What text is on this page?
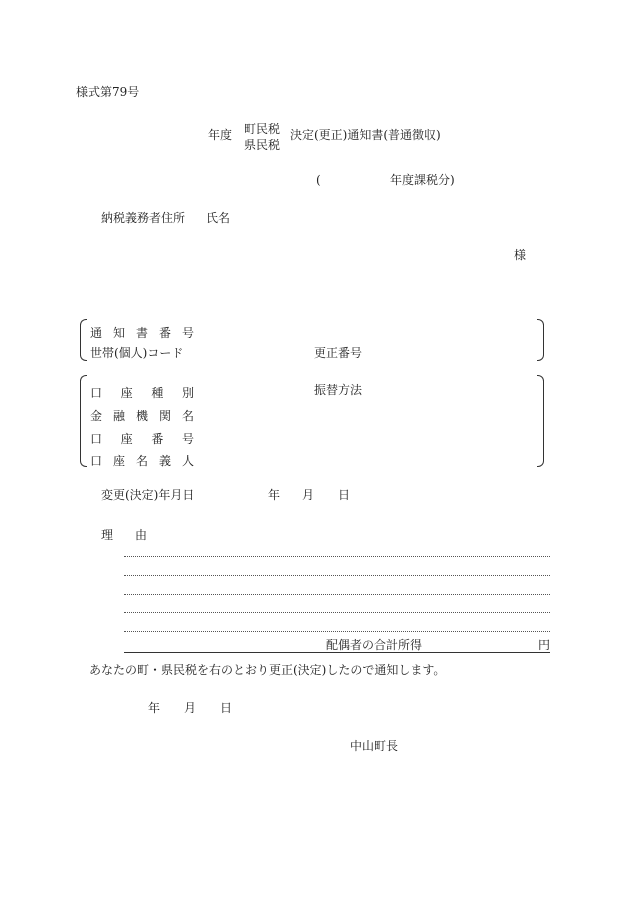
様式第79号
年度 町民税
県民税
決定(更正)通知書(普通徴収)
(	年度課税分)
納税義務者住所 氏名
様
通 知 書 番 号
世帯(個人)コード	更正番号
口 座 種 別	振替方法
金 融 機 関 名
口 座 番 号
口 座 名 義 人
変更(決定)年月日	年 月 日
理 由
配偶者の合計所得	円
あなたの町・県民税を右のとおり更正(決定)したので通知します。
年 月 日
中山町長
